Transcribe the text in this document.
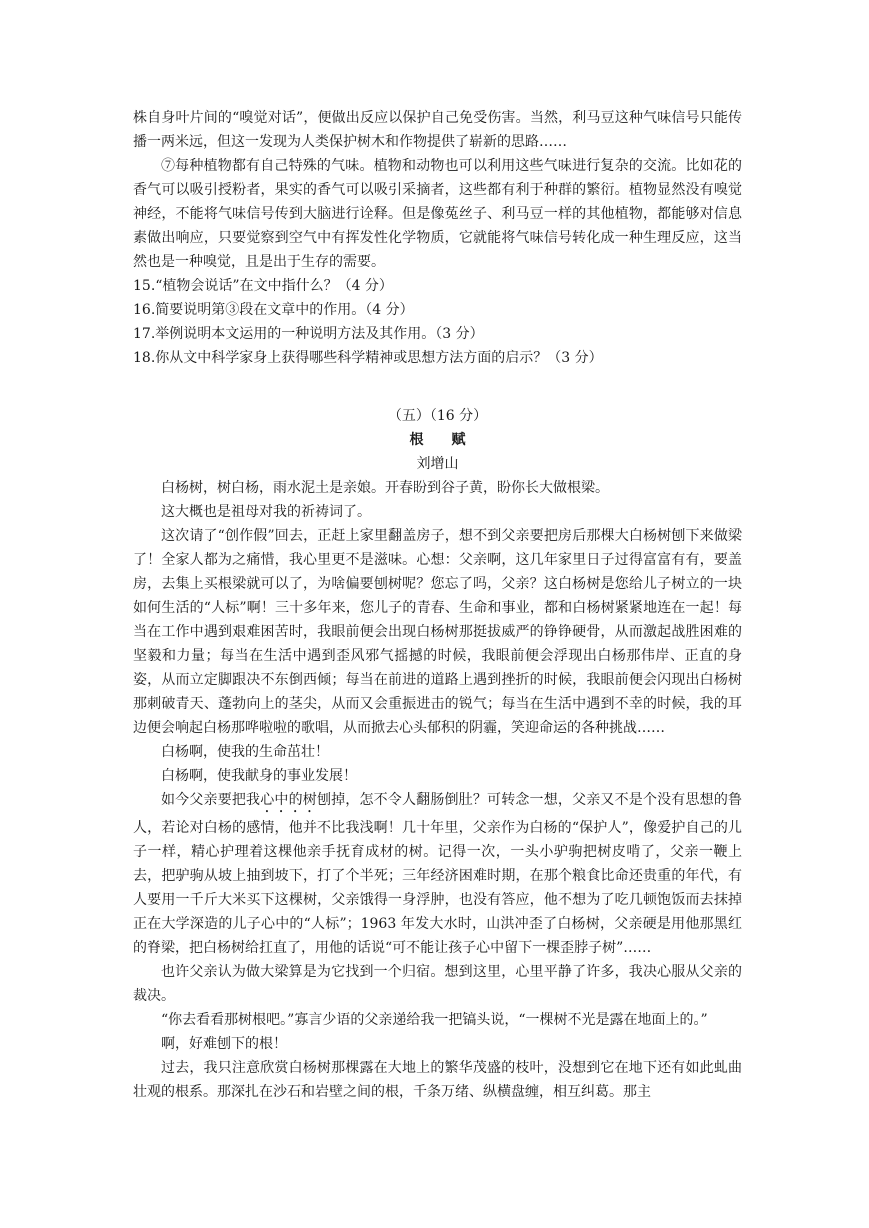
株自身叶片间的“嗅觉对话”，便做出反应以保护自己免受伤害。当然，利马豆这种气味信号只能传播一两米远，但这一发现为人类保护树木和作物提供了崭新的思路……

⑦每种植物都有自己特殊的气味。植物和动物也可以利用这些气味进行复杂的交流。比如花的香气可以吸引授粉者，果实的香气可以吸引采摘者，这些都有利于种群的繁衍。植物显然没有嗅觉神经，不能将气味信号传到大脑进行诠释。但是像菟丝子、利马豆一样的其他植物，都能够对信息素做出响应，只要觉察到空气中有挥发性化学物质，它就能将气味信号转化成一种生理反应，这当然也是一种嗅觉，且是出于生存的需要。

15.“植物会说话”在文中指什么？（4 分）

16.简要说明第③段在文章中的作用。（4 分）

17.举例说明本文运用的一种说明方法及其作用。（3 分）

18.你从文中科学家身上获得哪些科学精神或思想方法方面的启示？（3 分）

（五）（16 分）

根赋

刘增山

白杨树，树白杨，雨水泥土是亲娘。开春盼到谷子黄，盼你长大做根梁。

这大概也是祖母对我的祈祷词了。

这次请了“创作假”回去，正赶上家里翻盖房子，想不到父亲要把房后那棵大白杨树刨下来做梁了！全家人都为之痛惜，我心里更不是滋味。心想：父亲啊，这几年家里日子过得富富有有，要盖房，去集上买根梁就可以了，为啥偏要刨树呢？您忘了吗，父亲？这白杨树是您给儿子树立的一块如何生活的“人标”啊！三十多年来，您儿子的青春、生命和事业，都和白杨树紧紧地连在一起！每当在工作中遇到艰难困苦时，我眼前便会出现白杨树那挺拔威严的铮铮硬骨，从而激起战胜困难的坚毅和力量；每当在生活中遇到歪风邪气摇撼的时候，我眼前便会浮现出白杨那伟岸、正直的身姿，从而立定脚跟决不东倒西倾；每当在前进的道路上遇到挫折的时候，我眼前便会闪现出白杨树那刺破青天、蓬勃向上的茎尖，从而又会重振进击的锐气；每当在生活中遇到不幸的时候，我的耳边便会响起白杨那哗啦啦的歌唱，从而掀去心头郁积的阴霾，笑迎命运的各种挑战……

白杨啊，使我的生命茁壮！

白杨啊，使我献身的事业发展！

如今父亲要把我心中的树刨掉，怎不令人翻肠倒肚？可转念一想，父亲又不是个没有思想的鲁人，若论对白杨的感情，他并不比我浅啊！几十年里，父亲作为白杨的“保护人”，像爱护自己的儿子一样，精心护理着这棵他亲手抚育成材的树。记得一次，一头小驴驹把树皮啃了，父亲一鞭上去，把驴驹从坡上抽到坡下，打了个半死；三年经济困难时期，在那个粮食比命还贵重的年代，有人要用一千斤大米买下这棵树，父亲饿得一身浮肿，也没有答应，他不想为了吃几顿饱饭而去抹掉正在大学深造的儿子心中的“人标”；1963 年发大水时，山洪冲歪了白杨树，父亲硬是用他那黑红的脊梁，把白杨树给扛直了，用他的话说“可不能让孩子心中留下一棵歪脖子树”……

也许父亲认为做大梁算是为它找到一个归宿。想到这里，心里平静了许多，我决心服从父亲的裁决。

“你去看看那树根吧。”寡言少语的父亲递给我一把镐头说，“一棵树不光是露在地面上的。”

啊，好难刨下的根！

过去，我只注意欣赏白杨树那棵露在大地上的繁华茂盛的枝叶，没想到它在地下还有如此虬曲壮观的根系。那深扎在沙石和岩壁之间的根，千条万绪、纵横盘缠，相互纠葛。那主
